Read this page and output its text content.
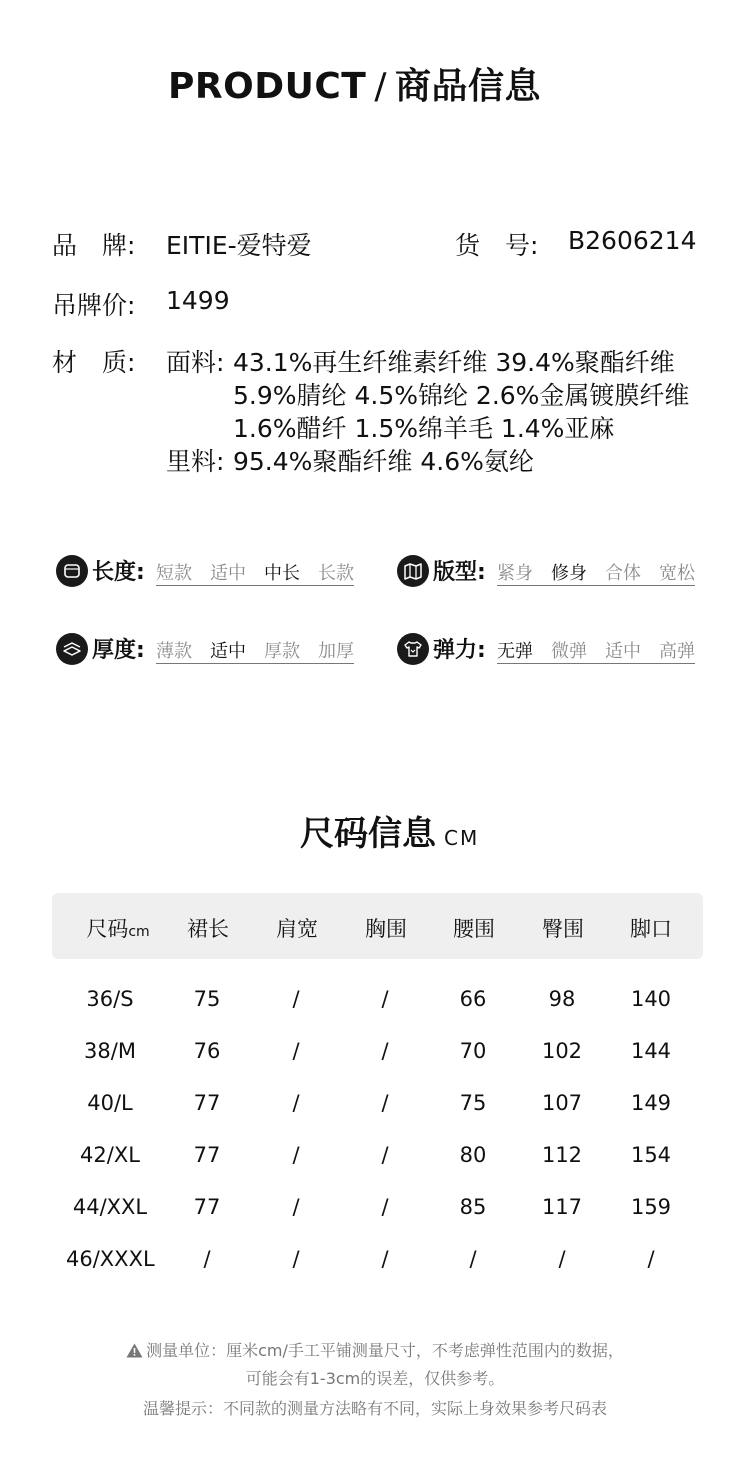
PRODUCT / 商品信息
品　牌: EITIE-爱特爱	货　号: B2606214
吊牌价: 1499
材　质: 面料: 43.1%再生纤维素纤维 39.4%聚酯纤维
5.9%腈纶 4.5%锦纶 2.6%金属镀膜纤维
1.6%醋纤 1.5%绵羊毛 1.4%亚麻
里料: 95.4%聚酯纤维 4.6%氨纶
长度: 短款 适中 中长 长款	版型: 紧身 修身 合体 宽松
厚度: 薄款 适中 厚款 加厚	弹力: 无弹 微弹 适中 高弹
尺码信息 CM
尺码cm	裙长	肩宽	胸围	腰围	臀围	脚口
36/S	75	/	/	66	98	140
38/M	76	/	/	70	102	144
40/L	77	/	/	75	107	149
42/XL	77	/	/	80	112	154
44/XXL	77	/	/	85	117	159
46/XXXL	/	/	/	/	/	/
测量单位：厘米cm/手工平铺测量尺寸，不考虑弹性范围内的数据，
可能会有1-3cm的误差，仅供参考。
温馨提示：不同款的测量方法略有不同，实际上身效果参考尺码表
